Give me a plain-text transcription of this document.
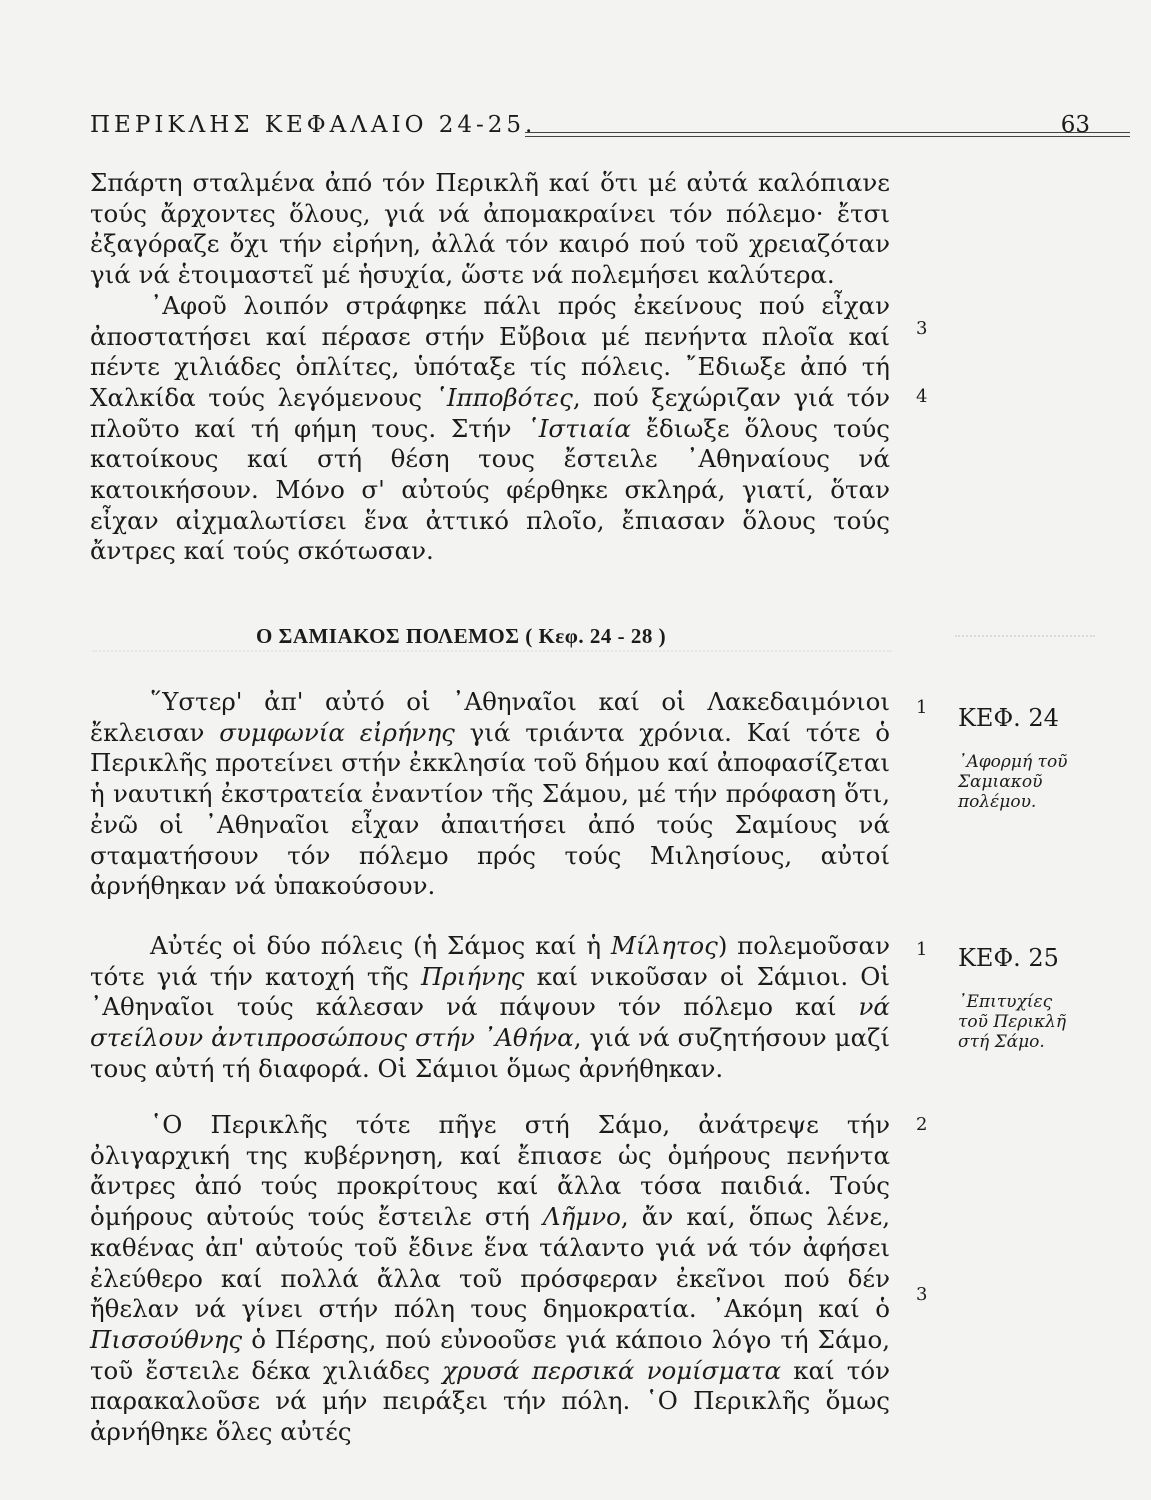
ΠΕΡΙΚΛΗΣ ΚΕΦΑΛΑΙΟ 24-25.	63

Σπάρτη σταλμένα ἀπό τόν Περικλῆ καί ὅτι μέ αὐτά καλόπιανε τούς ἄρχοντες ὅλους, γιά νά ἀπομακραίνει τόν πόλεμο· ἔτσι ἐξαγόραζε ὄχι τήν εἰρήνη, ἀλλά τόν καιρό πού τοῦ χρειαζόταν γιά νά ἑτοιμαστεῖ μέ ἡσυχία, ὥστε νά πολεμήσει καλύτερα.

᾿Αφοῦ λοιπόν στράφηκε πάλι πρός ἐκείνους πού εἶχαν ἀποστατήσει καί πέρασε στήν Εὔβοια μέ πενήντα πλοῖα καί πέντε χιλιάδες ὁπλίτες, ὑπόταξε τίς πόλεις. ῎Εδιωξε ἀπό τή Χαλκίδα τούς λεγόμενους ῾Ιπποβότες, πού ξεχώριζαν γιά τόν πλοῦτο καί τή φήμη τους. Στήν ῾Ιστιαία ἔδιωξε ὅλους τούς κατοίκους καί στή θέση τους ἔστειλε ᾿Αθηναίους νά κατοικήσουν. Μόνο σ' αὐτούς φέρθηκε σκληρά, γιατί, ὅταν εἶχαν αἰχμαλωτίσει ἕνα ἀττικό πλοῖο, ἔπιασαν ὅλους τούς ἄντρες καί τούς σκότωσαν.

Ο ΣΑΜΙΑΚΟΣ ΠΟΛΕΜΟΣ ( Κεφ. 24 - 28 )

῞Υστερ' ἀπ' αὐτό οἱ ᾿Αθηναῖοι καί οἱ Λακεδαιμόνιοι ἔκλεισαν συμφωνία εἰρήνης γιά τριάντα χρόνια. Καί τότε ὁ Περικλῆς προτείνει στήν ἐκκλησία τοῦ δήμου καί ἀποφασίζεται ἡ ναυτική ἐκστρατεία ἐναντίον τῆς Σάμου, μέ τήν πρόφαση ὅτι, ἐνῶ οἱ ᾿Αθηναῖοι εἶχαν ἀπαιτήσει ἀπό τούς Σαμίους νά σταματήσουν τόν πόλεμο πρός τούς Μιλησίους, αὐτοί ἀρνήθηκαν νά ὑπακούσουν.

Αὐτές οἱ δύο πόλεις (ἡ Σάμος καί ἡ Μίλητος) πολεμοῦσαν τότε γιά τήν κατοχή τῆς Πριήνης καί νικοῦσαν οἱ Σάμιοι. Οἱ ᾿Αθηναῖοι τούς κάλεσαν νά πάψουν τόν πόλεμο καί νά στείλουν ἀντιπροσώπους στήν ᾿Αθήνα, γιά νά συζητήσουν μαζί τους αὐτή τή διαφορά. Οἱ Σάμιοι ὅμως ἀρνήθηκαν.

῾Ο Περικλῆς τότε πῆγε στή Σάμο, ἀνάτρεψε τήν ὀλιγαρχική της κυβέρνηση, καί ἔπιασε ὡς ὁμήρους πενήντα ἄντρες ἀπό τούς προκρίτους καί ἄλλα τόσα παιδιά. Τούς ὁμήρους αὐτούς τούς ἔστειλε στή Λῆμνο, ἄν καί, ὅπως λένε, καθένας ἀπ' αὐτούς τοῦ ἔδινε ἕνα τάλαντο γιά νά τόν ἀφήσει ἐλεύθερο καί πολλά ἄλλα τοῦ πρόσφεραν ἐκεῖνοι πού δέν ἤθελαν νά γίνει στήν πόλη τους δημοκρατία. ᾿Ακόμη καί ὁ Πισσούθνης ὁ Πέρσης, πού εὐνοοῦσε γιά κάποιο λόγο τή Σάμο, τοῦ ἔστειλε δέκα χιλιάδες χρυσά περσικά νομίσματα καί τόν παρακαλοῦσε νά μήν πειράξει τήν πόλη. ῾Ο Περικλῆς ὅμως ἀρνήθηκε ὅλες αὐτές

3
4
1
1
2
3
ΚΕΦ. 24
᾿Αφορμή τοῦ
Σαμιακοῦ
πολέμου.
ΚΕΦ. 25
᾿Επιτυχίες
τοῦ Περικλῆ
στή Σάμο.
